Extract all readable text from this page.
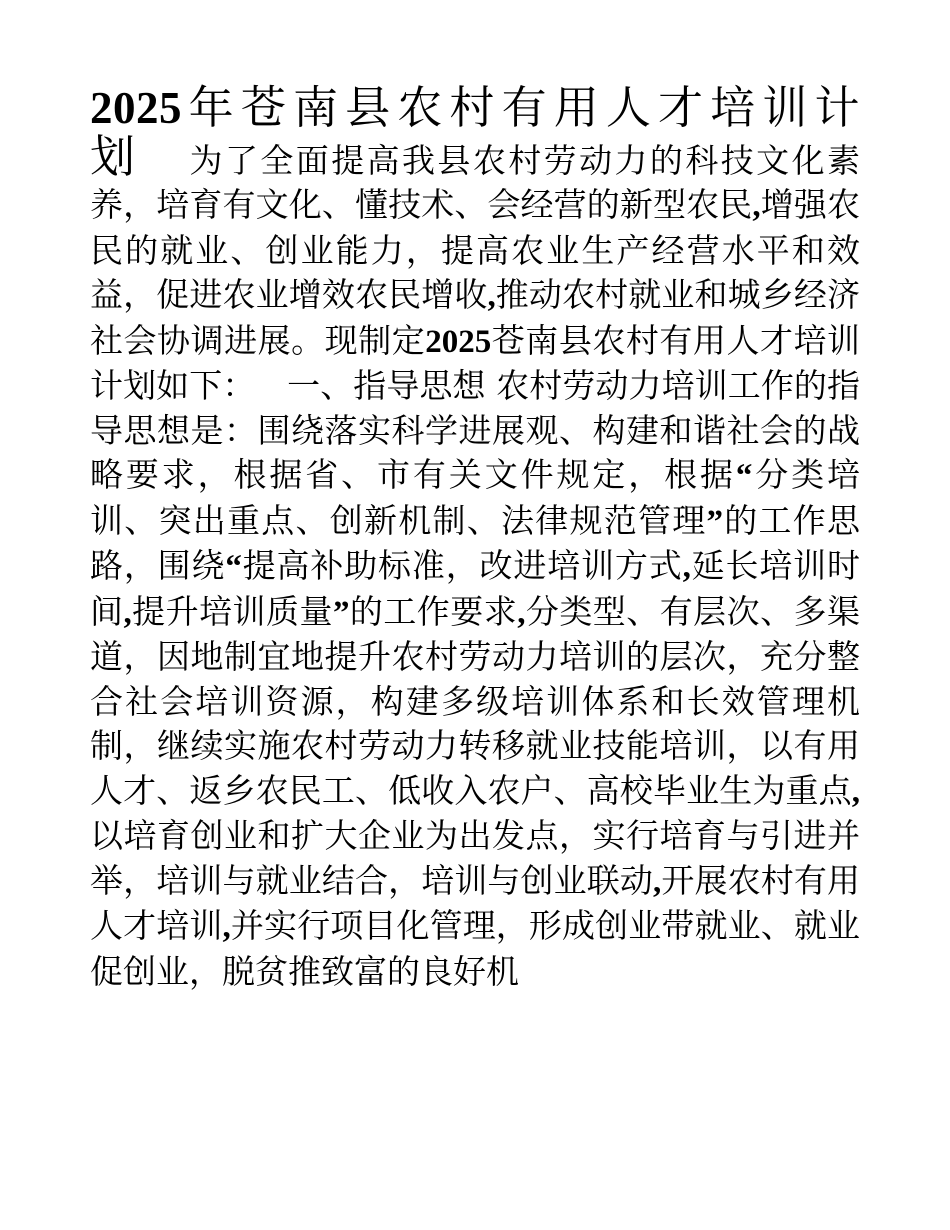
2025年苍南县农村有用人才培训计划    为了全面提高我县农村劳动力的科技文化素养，培育有文化、懂技术、会经营的新型农民,增强农民的就业、创业能力，提高农业生产经营水平和效益，促进农业增效农民增收,推动农村就业和城乡经济社会协调进展。现制定2025苍南县农村有用人才培训计划如下：   一、指导思想 农村劳动力培训工作的指导思想是：围绕落实科学进展观、构建和谐社会的战略要求，根据省、市有关文件规定，根据“分类培训、突出重点、创新机制、法律规范管理”的工作思路，围绕“提高补助标准，改进培训方式,延长培训时间,提升培训质量”的工作要求,分类型、有层次、多渠道，因地制宜地提升农村劳动力培训的层次，充分整合社会培训资源，构建多级培训体系和长效管理机制，继续实施农村劳动力转移就业技能培训，以有用人才、返乡农民工、低收入农户、高校毕业生为重点,以培育创业和扩大企业为出发点，实行培育与引进并举，培训与就业结合，培训与创业联动,开展农村有用人才培训,并实行项目化管理，形成创业带就业、就业促创业，脱贫推致富的良好机
